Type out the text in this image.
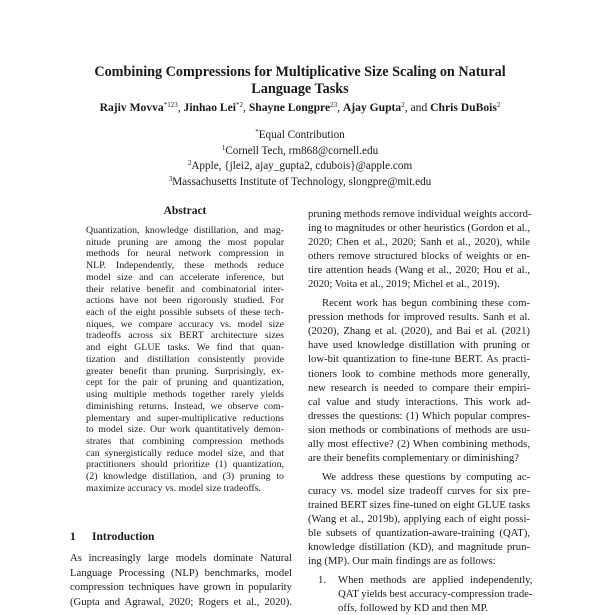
Combining Compressions for Multiplicative Size Scaling on Natural
Language Tasks
Rajiv Movva$^{*123}$, Jinhao Lei$^{*2}$, Shayne Longpre$^{23}$, Ajay Gupta$^2$, and Chris DuBois$^2$
*Equal Contribution
$^1$Cornell Tech, rm868@cornell.edu
$^2$Apple, {jlei2, ajay_gupta2, cdubois}@apple.com
$^3$Massachusetts Institute of Technology, slongpre@mit.edu
Abstract
Quantization, knowledge distillation, and mag-
nitude pruning are among the most popular
methods for neural network compression in
NLP. Independently, these methods reduce
model size and can accelerate inference, but
their relative benefit and combinatorial inter-
actions have not been rigorously studied. For
each of the eight possible subsets of these tech-
niques, we compare accuracy vs. model size
tradeoffs across six BERT architecture sizes
and eight GLUE tasks. We find that quan-
tization and distillation consistently provide
greater benefit than pruning. Surprisingly, ex-
cept for the pair of pruning and quantization,
using multiple methods together rarely yields
diminishing returns. Instead, we observe com-
plementary and super-multiplicative reductions
to model size. Our work quantitatively demon-
strates that combining compression methods
can synergistically reduce model size, and that
practitioners should prioritize (1) quantization,
(2) knowledge distillation, and (3) pruning to
maximize accuracy vs. model size tradeoffs.
1 Introduction
As increasingly large models dominate Natural
Language Processing (NLP) benchmarks, model
compression techniques have grown in popularity
(Gupta and Agrawal, 2020; Rogers et al., 2020).
pruning methods remove individual weights accord-
ing to magnitudes or other heuristics (Gordon et al.,
2020; Chen et al., 2020; Sanh et al., 2020), while
others remove structured blocks of weights or en-
tire attention heads (Wang et al., 2020; Hou et al.,
2020; Voita et al., 2019; Michel et al., 2019).
Recent work has begun combining these com-
pression methods for improved results. Sanh et al.
(2020), Zhang et al. (2020), and Bai et al. (2021)
have used knowledge distillation with pruning or
low-bit quantization to fine-tune BERT. As practi-
tioners look to combine methods more generally,
new research is needed to compare their empiri-
cal value and study interactions. This work ad-
dresses the questions: (1) Which popular compres-
sion methods or combinations of methods are usu-
ally most effective? (2) When combining methods,
are their benefits complementary or diminishing?
We address these questions by computing ac-
curacy vs. model size tradeoff curves for six pre-
trained BERT sizes fine-tuned on eight GLUE tasks
(Wang et al., 2019b), applying each of eight possi-
ble subsets of quantization-aware-training (QAT),
knowledge distillation (KD), and magnitude prun-
ing (MP). Our main findings are as follows:
1.	When methods are applied independently,
QAT yields best accuracy-compression trade-
offs, followed by KD and then MP.
